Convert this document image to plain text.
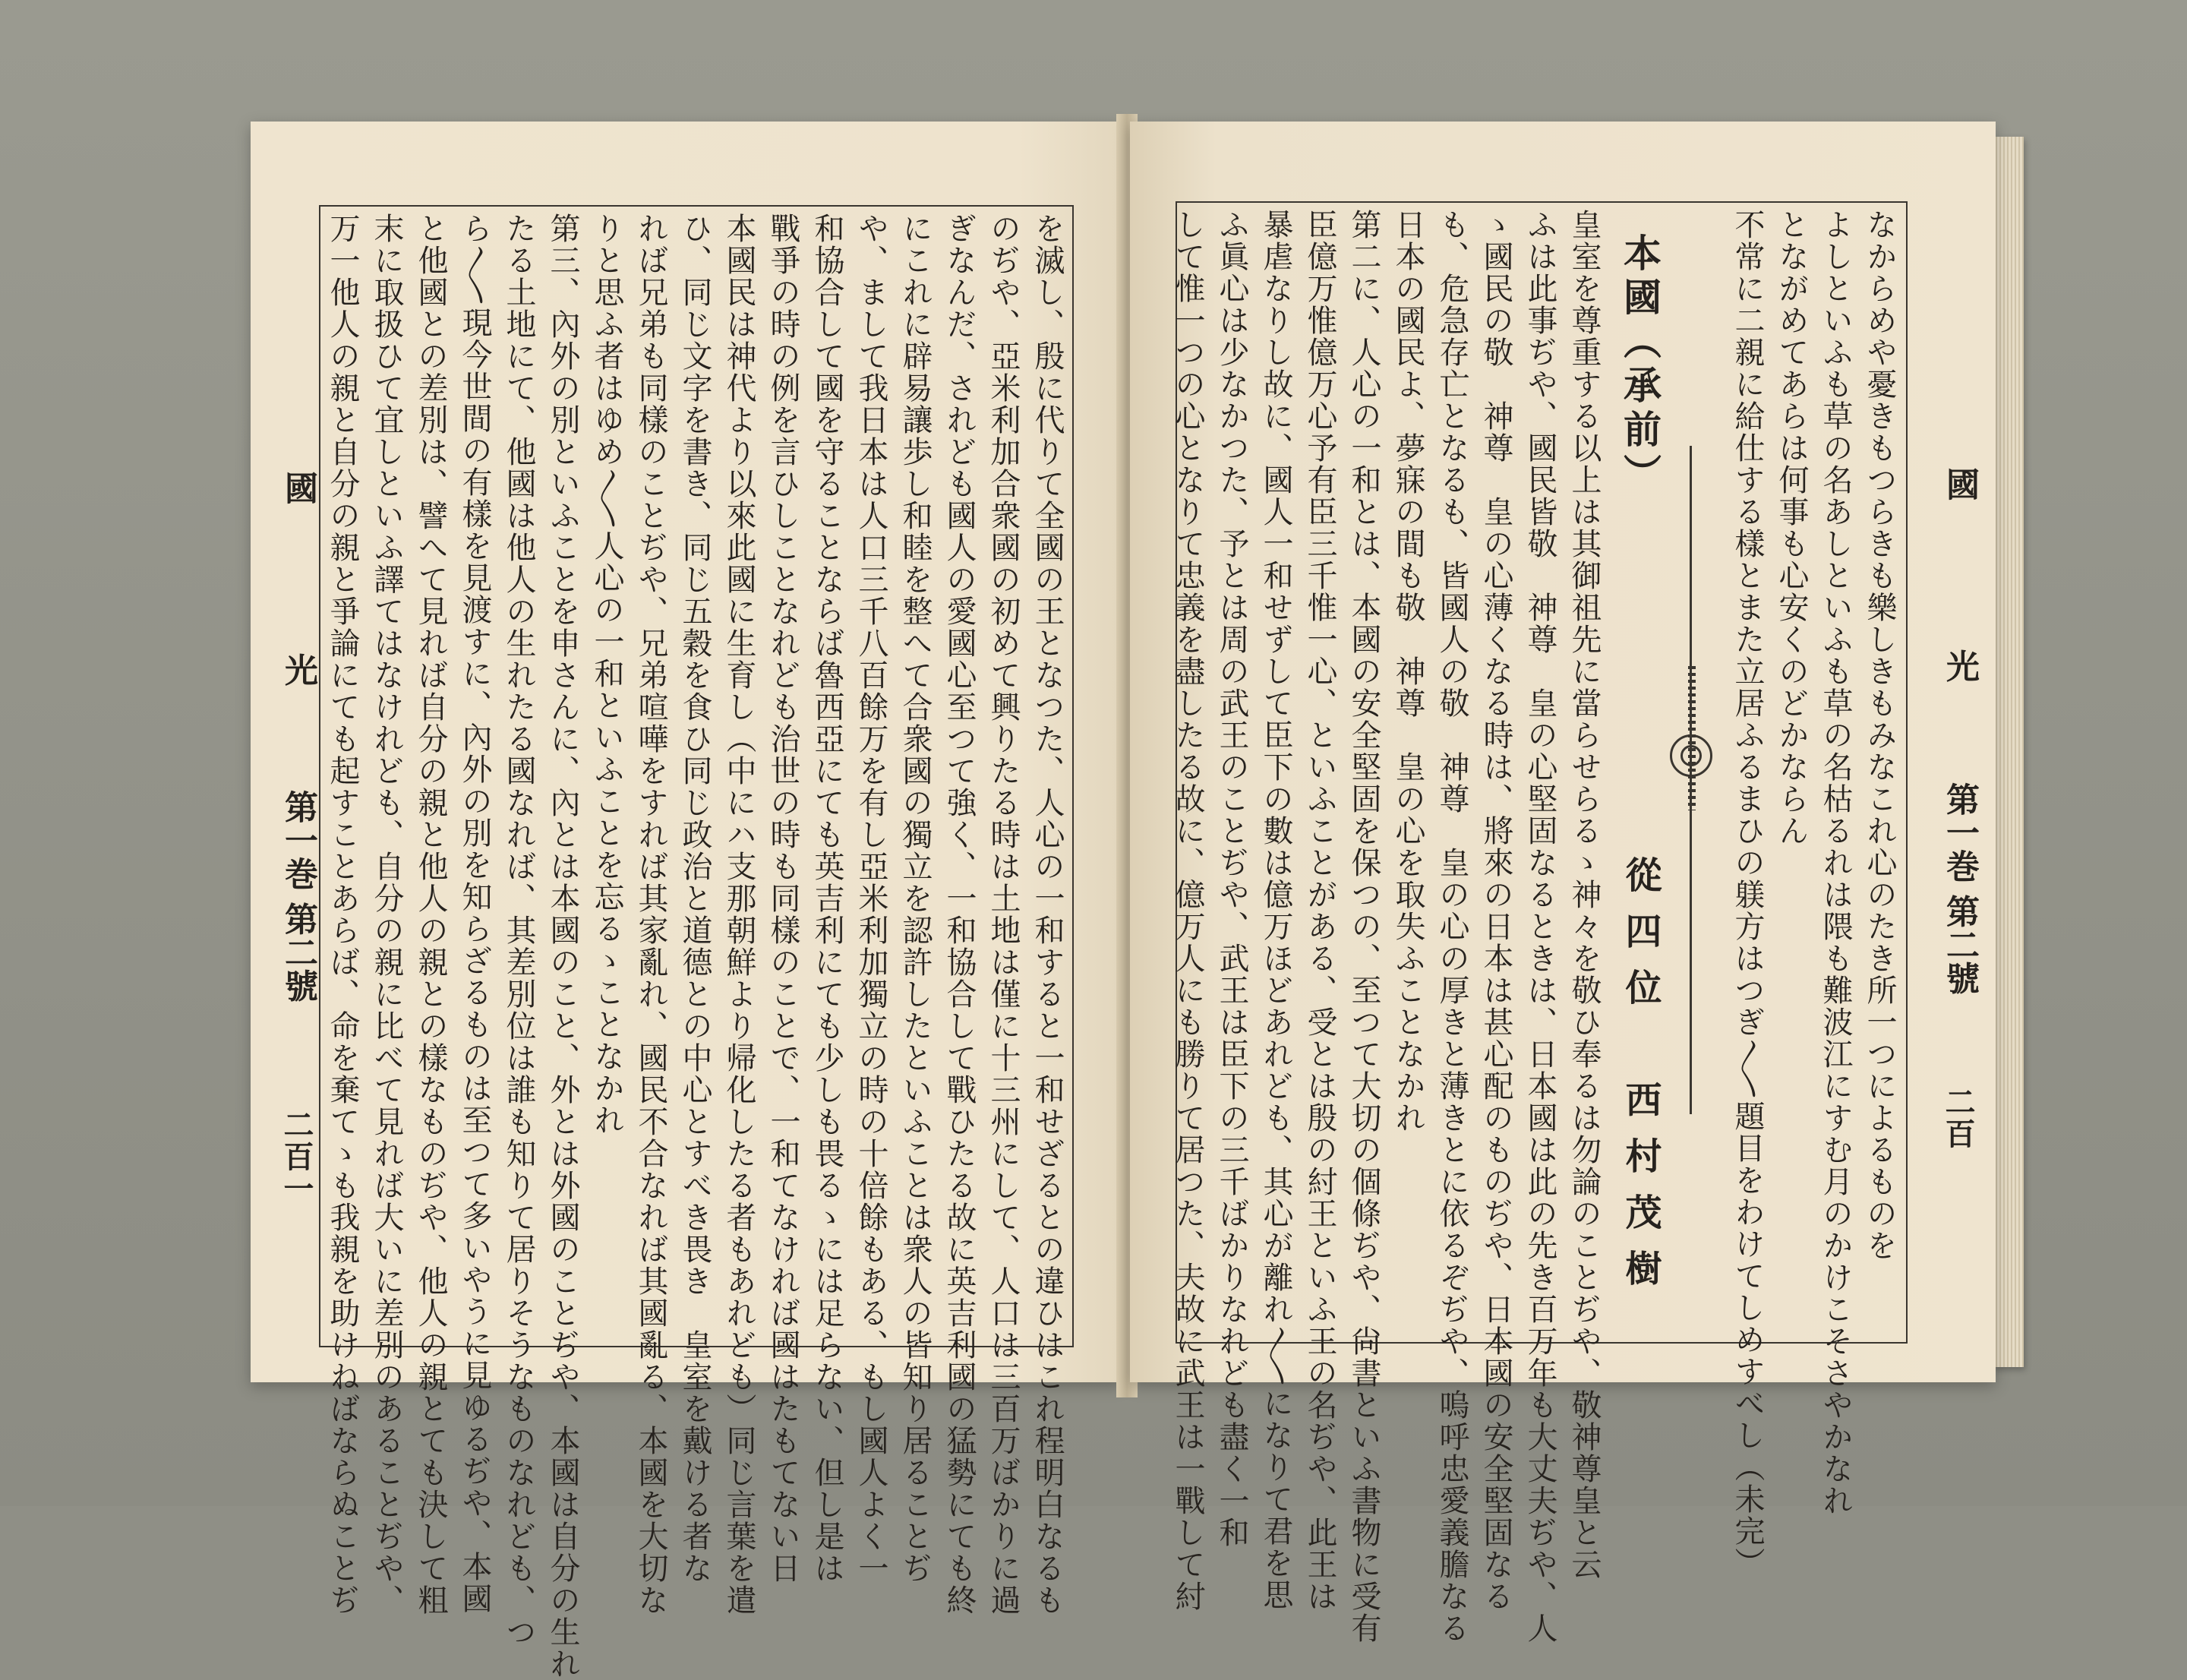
を滅し、殷に代りて全國の王となつた、人心の一和すると一和せざるとの違ひはこれ程明白なるも

のぢや、亞米利加合衆國の初めて興りたる時は土地は僅に十三州にして、人口は三百万ばかりに過

ぎなんだ、されども國人の愛國心至つて強く、一和協合して戰ひたる故に英吉利國の猛勢にても終

にこれに辟易讓歩し和睦を整へて合衆國の獨立を認許したといふことは衆人の皆知り居ることぢ

や、まして我日本は人口三千八百餘万を有し亞米利加獨立の時の十倍餘もある、もし國人よく一

和協合して國を守ることならば魯西亞にても英吉利にても少しも畏るゝには足らない、但し是は

戰爭の時の例を言ひしことなれども治世の時も同樣のことで、一和てなければ國はたもてない日

本國民は神代より以來此國に生育し（中にハ支那朝鮮より帰化したる者もあれども）同じ言葉を遣

ひ、同じ文字を書き、同じ五穀を食ひ同じ政治と道德との中心とすべき畏き　皇室を戴ける者な

れば兄弟も同樣のことぢや、兄弟喧嘩をすれば其家亂れ、國民不合なれば其國亂る、本國を大切な

りと思ふ者はゆめ〳〵人心の一和といふことを忘るゝことなかれ

第三、內外の別といふことを申さんに、內とは本國のこと、外とは外國のことぢや、本國は自分の生れ

たる土地にて、他國は他人の生れたる國なれば、其差別位は誰も知りて居りそうなものなれども、つ

ら〳〵現今世間の有樣を見渡すに、內外の別を知らざるものは至つて多いやうに見ゆるぢや、本國

と他國との差別は、譬へて見れば自分の親と他人の親との樣なものぢや、他人の親とても決して粗

末に取扱ひて宜しといふ譯てはなけれども、自分の親に比べて見れば大いに差別のあることぢや、

万一他人の親と自分の親と爭論にても起すことあらば、命を棄てゝも我親を助けねばならぬことぢ

國 光
第一巻 第二號
二百一	なからめや憂きもつらきも樂しきもみなこれ心のたき所一つによるものを

よしといふも草の名あしといふも草の名枯るれは隈も難波江にすむ月のかけこそさやかなれ

とながめてあらは何事も心安くのどかならん

不常に二親に給仕する樣とまた立居ふるまひの躾方はつぎ〳〵題目をわけてしめすべし（未完）

本國（承前）
從四位　西村茂樹

皇室を尊重する以上は其御祖先に當らせらるゝ神々を敬ひ奉るは勿論のことぢや、敬神尊皇と云

ふは此事ぢや、國民皆敬　神尊　皇の心堅固なるときは、日本國は此の先き百万年も大丈夫ぢや、人

ゝ國民の敬　神尊　皇の心薄くなる時は、將來の日本は甚心配のものぢや、日本國の安全堅固なる

も、危急存亡となるも、皆國人の敬　神尊　皇の心の厚きと薄きとに依るぞぢや、嗚呼忠愛義膽なる

日本の國民よ、夢寐の間も敬　神尊　皇の心を取失ふことなかれ

第二に、人心の一和とは、本國の安全堅固を保つの、至つて大切の個條ぢや、尙書といふ書物に受有

臣億万惟億万心予有臣三千惟一心、といふことがある、受とは殷の紂王といふ王の名ぢや、此王は

暴虐なりし故に、國人一和せずして臣下の數は億万ほどあれども、其心が離れ〳〵になりて君を思

ふ眞心は少なかつた、予とは周の武王のことぢや、武王は臣下の三千ばかりなれども盡く一和

して惟一つの心となりて忠義を盡したる故に、億万人にも勝りて居つた、夫故に武王は一戰して紂	國 光
第一巻 第二號
二百
